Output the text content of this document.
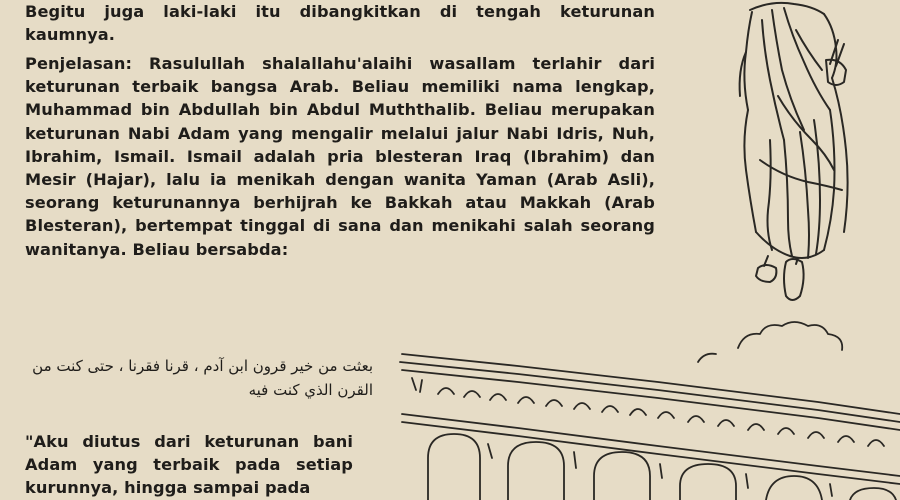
Begitu juga laki-laki itu dibangkitkan di tengah keturunan kaumnya.
Penjelasan: Rasulullah shalallahu'alaihi wasallam terlahir dari keturunan terbaik bangsa Arab. Beliau memiliki nama lengkap, Muhammad bin Abdullah bin Abdul Muththalib. Beliau merupakan keturunan Nabi Adam yang mengalir melalui jalur Nabi Idris, Nuh, Ibrahim, Ismail. Ismail adalah pria blesteran Iraq (Ibrahim) dan Mesir (Hajar), lalu ia menikah dengan wanita Yaman (Arab Asli), seorang keturunannya berhijrah ke Bakkah atau Makkah (Arab Blesteran), bertempat tinggal di sana dan menikahi salah seorang wanitanya. Beliau bersabda:
بعثت من خير قرون ابن آدم ، قرنا فقرنا ، حتى كنت من القرن الذي كنت فيه
"Aku diutus dari keturunan bani Adam yang terbaik pada setiap kurunnya, hingga sampai pada
